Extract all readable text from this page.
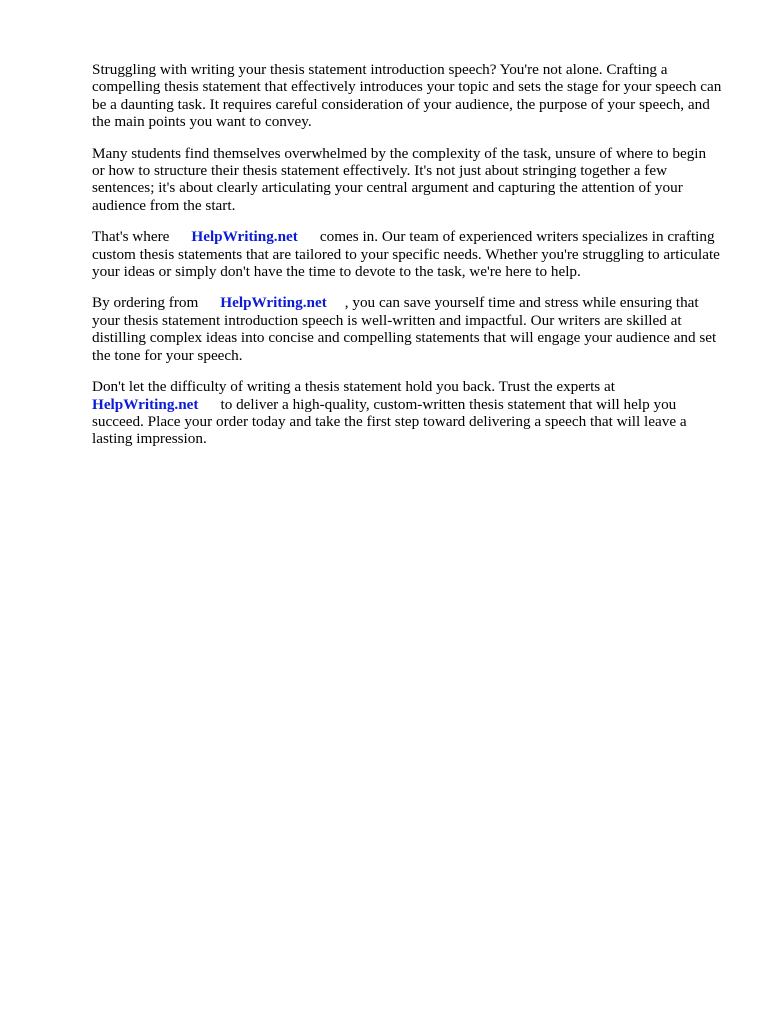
Struggling with writing your thesis statement introduction speech? You're not alone. Crafting a compelling thesis statement that effectively introduces your topic and sets the stage for your speech can be a daunting task. It requires careful consideration of your audience, the purpose of your speech, and the main points you want to convey.

Many students find themselves overwhelmed by the complexity of the task, unsure of where to begin or how to structure their thesis statement effectively. It's not just about stringing together a few sentences; it's about clearly articulating your central argument and capturing the attention of your audience from the start.

That's where HelpWriting.net comes in. Our team of experienced writers specializes in crafting custom thesis statements that are tailored to your specific needs. Whether you're struggling to articulate your ideas or simply don't have the time to devote to the task, we're here to help.

By ordering from HelpWriting.net , you can save yourself time and stress while ensuring that your thesis statement introduction speech is well-written and impactful. Our writers are skilled at distilling complex ideas into concise and compelling statements that will engage your audience and set the tone for your speech.

Don't let the difficulty of writing a thesis statement hold you back. Trust the experts at HelpWriting.net to deliver a high-quality, custom-written thesis statement that will help you succeed. Place your order today and take the first step toward delivering a speech that will leave a lasting impression.
